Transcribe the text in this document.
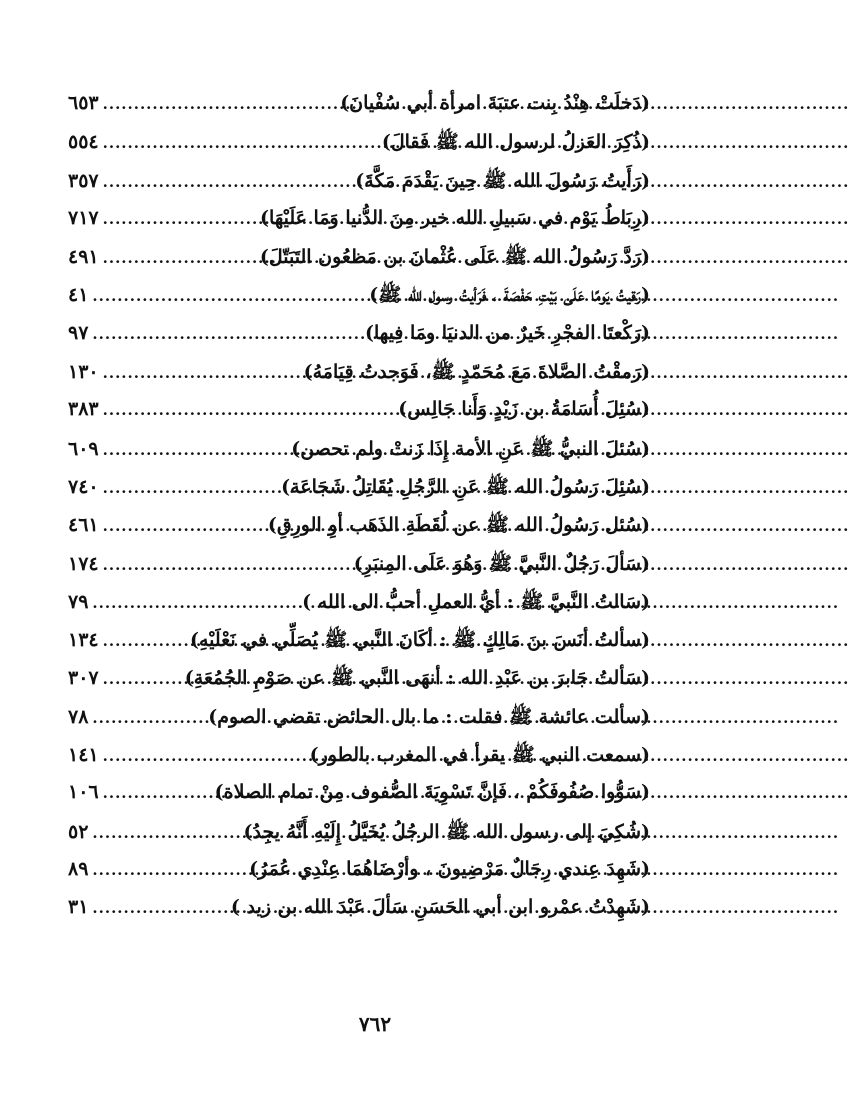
(دَخلَتْ هِنْدُ بِنت عتبَةَ امرأة أبي سُفْيانَ)
.....
٦٥٣
(ذُكِرَ العَزلُ لرسول الله ﷺ فَقالَ)
.....
٥٥٤
(رَأَيتُ رَسُولَ الله ﷺ حِينَ يَقْدَمَ مَكَّةَ)
.....
٣٥٧
(رِبَاطُ يَوْم في سَبيلِ الله خير مِنَ الدُّنيا وَمَا عَلَيْهَا)
.....
٧١٧
(رَدَّ رَسُولُ الله ﷺ عَلَى عُثْمانَ بن مَظعُون التَبَتّلَ)
.....
٤٩١
(رَقيتُ يَومًا عَلَى بَيْتِ حَفْصَةَ ، فَرَأيتُ رسول الله ﷺ)
.....
٤١
(رَكْعتَا الفجْرِ خَيرٌ من الدنيَا ومَا فِيها)
.....
٩٧
(رَمقْتُ الصَّلاةَ مَعَ مُحَمّدٍ ﷺ، فَوَجدتُ قِيَامَهُ)
.....
١٣٠
(سُئِلَ أُسَامَةُ بن زَيْدٍ وَأَنا جَالِس)
.....
٣٨٣
(سُئلَ النبيُّ ﷺ عَنِ الأمة إِذَا زَنتْ ولم تحصن)
.....
٦٠٩
(سُئِلَ رَسُولُ الله ﷺ عَنِ الرَّجُلِ يُقَاتِلُ شَجَاعَة)
.....
٧٤٠
(سُئل رَسُولُ الله ﷺ عن لُقَطَةِ الذَهَب أوِ الورِقِ)
.....
٤٦١
(سَألَ رَجُلٌ النَّبيَّ ﷺ وَهُوَ عَلَى المِنبَرِ)
.....
١٧٤
(سَالتُ النَّبيَّ ﷺ : أيُّ العملِ أحبُّ الى الله )
.....
٧٩
(سألتُ أنَسَ بنَ مَالِكٍ ﷺ : أكَانَ النَّبي ﷺ يُصَلِّي في نَعْلَيْهِ)
.....
١٣٤
(سَألتُ جَابرَ بن عَبْدِ الله : أنهَى النَّبي ﷺ عن صَوْمِ الجُمُعَةِ)
.....
٣٠٧
(سألت عائشة ﷺ فقلت : ما بال الحائض تقضي الصوم)
.....
٧٨
(سمعت النبي ﷺ يقرأ في المغرب بالطور)
.....
١٤١
(سَوُّوا صُفُوفَكُمْ ، فَإنَّ تَسْوِيَةَ الصُّفوف مِنْ تمام الصلاة)
.....
١٠٦
(شُكِيَ إلى رسول الله ﷺ الرجُلُ يُخَيَّلُ إِلَيْهِ أَنَّهُ يجِدُ)
.....
٥٢
(شَهِدَ عِندي رِجَالٌ مَرْضِيونَ ، وأرْضَاهُمَا عِنْدِي عُمَرُ)
.....
٨٩
(شَهِدْتُ عمْرو ابن أبي الحَسَنِ سَألَ عَبْدَ الله بن زيد )
.....
٣١
٧٦٢
